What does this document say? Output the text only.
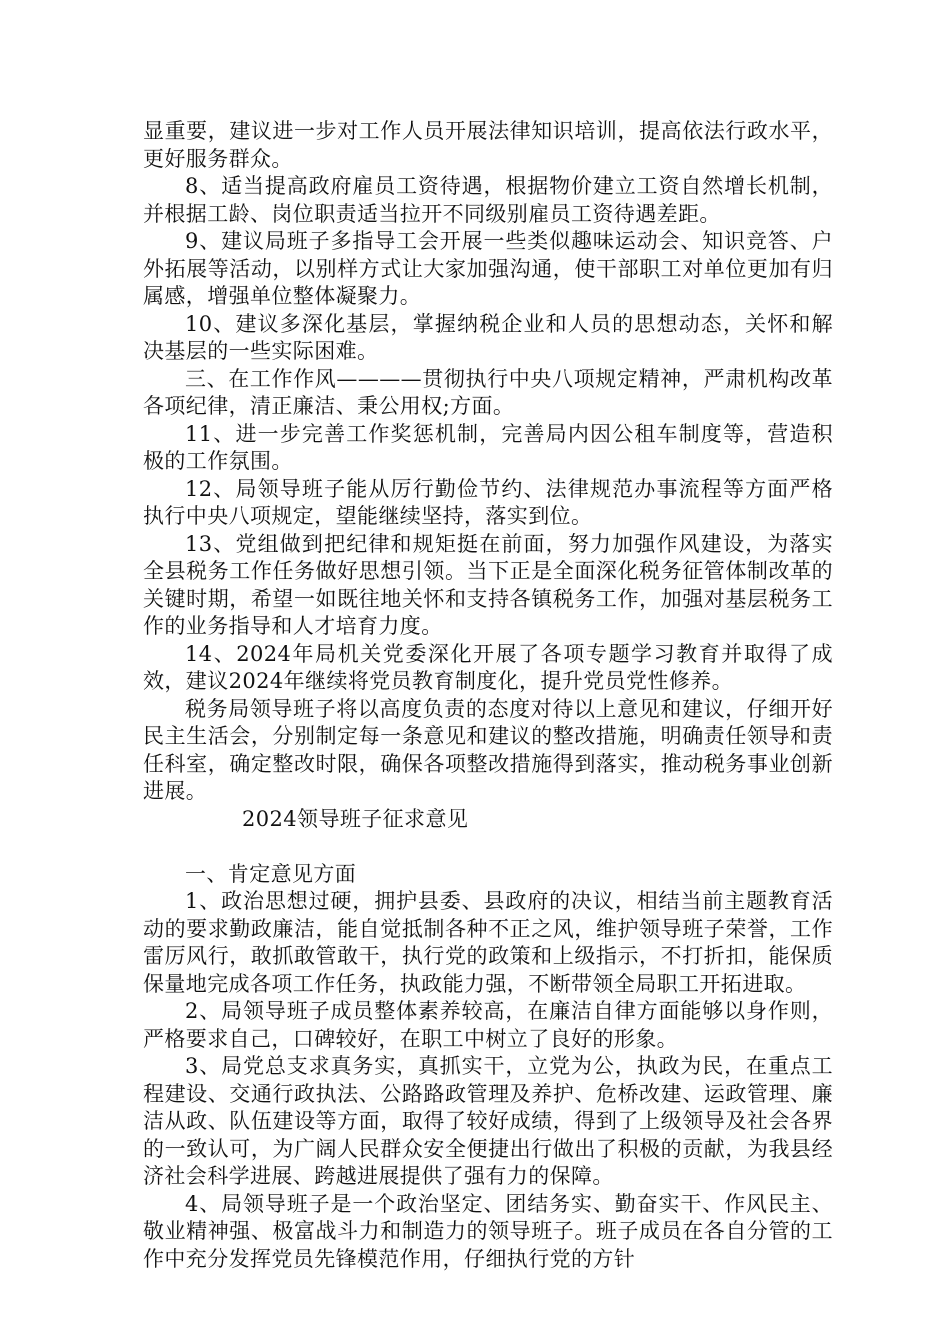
显重要，建议进一步对工作人员开展法律知识培训，提高依法行政水平，更好服务群众。

8、适当提高政府雇员工资待遇，根据物价建立工资自然增长机制，并根据工龄、岗位职责适当拉开不同级别雇员工资待遇差距。

9、建议局班子多指导工会开展一些类似趣味运动会、知识竞答、户外拓展等活动，以别样方式让大家加强沟通，使干部职工对单位更加有归属感，增强单位整体凝聚力。

10、建议多深化基层，掌握纳税企业和人员的思想动态，关怀和解决基层的一些实际困难。

三、在工作作风————贯彻执行中央八项规定精神，严肃机构改革各项纪律，清正廉洁、秉公用权;方面。

11、进一步完善工作奖惩机制，完善局内因公租车制度等，营造积极的工作氛围。

12、局领导班子能从厉行勤俭节约、法律规范办事流程等方面严格执行中央八项规定，望能继续坚持，落实到位。

13、党组做到把纪律和规矩挺在前面，努力加强作风建设，为落实全县税务工作任务做好思想引领。当下正是全面深化税务征管体制改革的关键时期，希望一如既往地关怀和支持各镇税务工作，加强对基层税务工作的业务指导和人才培育力度。

14、2024年局机关党委深化开展了各项专题学习教育并取得了成效，建议2024年继续将党员教育制度化，提升党员党性修养。

税务局领导班子将以高度负责的态度对待以上意见和建议，仔细开好民主生活会，分别制定每一条意见和建议的整改措施，明确责任领导和责任科室，确定整改时限，确保各项整改措施得到落实，推动税务事业创新进展。

2024领导班子征求意见

一、肯定意见方面

1、政治思想过硬，拥护县委、县政府的决议，相结当前主题教育活动的要求勤政廉洁，能自觉抵制各种不正之风，维护领导班子荣誉，工作雷厉风行，敢抓敢管敢干，执行党的政策和上级指示，不打折扣，能保质保量地完成各项工作任务，执政能力强，不断带领全局职工开拓进取。

2、局领导班子成员整体素养较高，在廉洁自律方面能够以身作则，严格要求自己，口碑较好，在职工中树立了良好的形象。

3、局党总支求真务实，真抓实干，立党为公，执政为民，在重点工程建设、交通行政执法、公路路政管理及养护、危桥改建、运政管理、廉洁从政、队伍建设等方面，取得了较好成绩，得到了上级领导及社会各界的一致认可，为广阔人民群众安全便捷出行做出了积极的贡献，为我县经济社会科学进展、跨越进展提供了强有力的保障。

4、局领导班子是一个政治坚定、团结务实、勤奋实干、作风民主、敬业精神强、极富战斗力和制造力的领导班子。班子成员在各自分管的工作中充分发挥党员先锋模范作用，仔细执行党的方针
